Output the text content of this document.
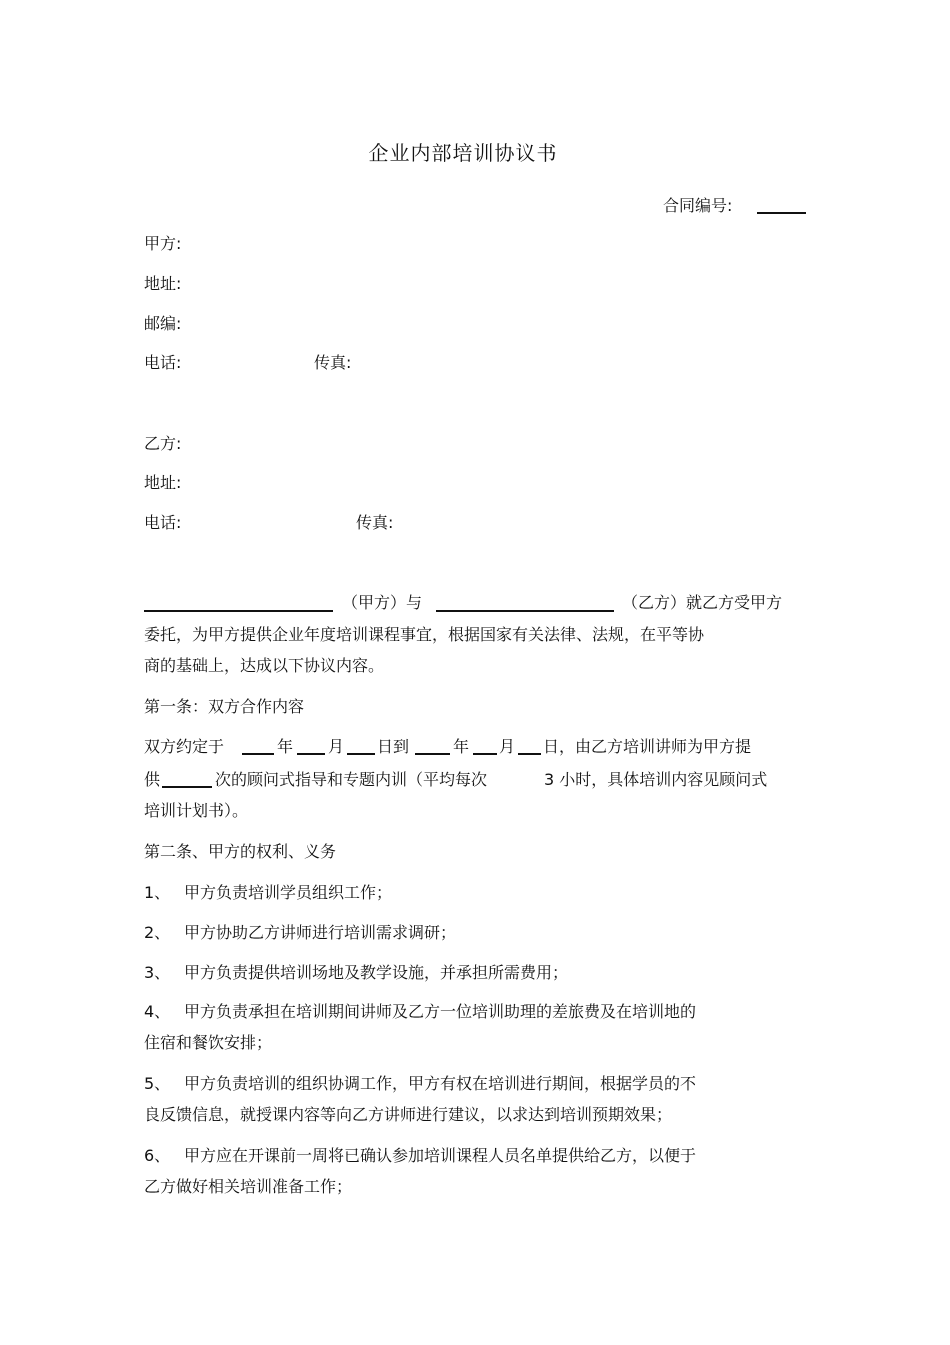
企业内部培训协议书
合同编号:
甲方:
地址:
邮编:
电话:	传真:
乙方:
地址:
电话:	传真:
（甲方）与	（乙方）就乙方受甲方
委托，为甲方提供企业年度培训课程事宜，根据国家有关法律、法规，在平等协
商的基础上，达成以下协议内容。
第一条：双方合作内容
双方约定于	年 月 日到	年 月 日，由乙方培训讲师为甲方提
供	次的顾问式指导和专题内训（平均每次	3 小时，具体培训内容见顾问式
培训计划书）。
第二条、甲方的权利、义务
1、 甲方负责培训学员组织工作；
2、 甲方协助乙方讲师进行培训需求调研；
3、 甲方负责提供培训场地及教学设施，并承担所需费用；
4、 甲方负责承担在培训期间讲师及乙方一位培训助理的差旅费及在培训地的
住宿和餐饮安排；
5、 甲方负责培训的组织协调工作，甲方有权在培训进行期间，根据学员的不
良反馈信息，就授课内容等向乙方讲师进行建议，以求达到培训预期效果；
6、 甲方应在开课前一周将已确认参加培训课程人员名单提供给乙方，以便于
乙方做好相关培训准备工作；
